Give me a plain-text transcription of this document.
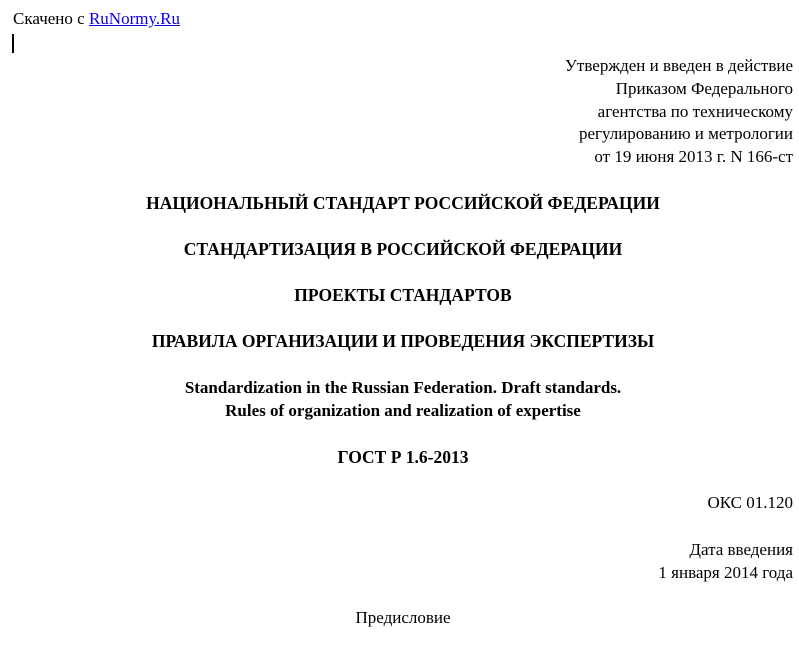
Скачено с RuNormy.Ru
Утвержден и введен в действие
Приказом Федерального
агентства по техническому
регулированию и метрологии
от 19 июня 2013 г. N 166-ст
НАЦИОНАЛЬНЫЙ СТАНДАРТ РОССИЙСКОЙ ФЕДЕРАЦИИ
СТАНДАРТИЗАЦИЯ В РОССИЙСКОЙ ФЕДЕРАЦИИ
ПРОЕКТЫ СТАНДАРТОВ
ПРАВИЛА ОРГАНИЗАЦИИ И ПРОВЕДЕНИЯ ЭКСПЕРТИЗЫ
Standardization in the Russian Federation. Draft standards.
Rules of organization and realization of expertise
ГОСТ Р 1.6-2013
ОКС 01.120
Дата введения
1 января 2014 года
Предисловие
